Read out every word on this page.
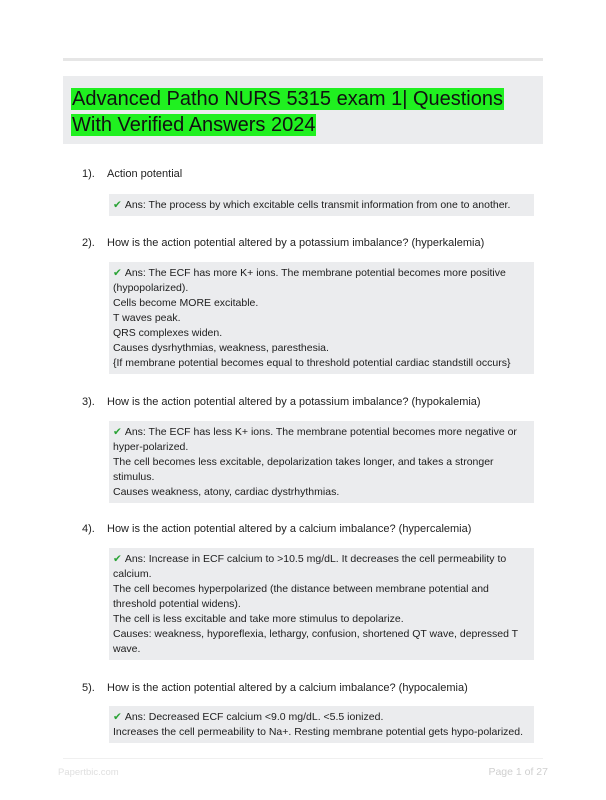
Advanced Patho NURS 5315 exam 1| Questions
With Verified Answers 2024
1). Action potential
✔ Ans: The process by which excitable cells transmit information from one to another.
2). How is the action potential altered by a potassium imbalance? (hyperkalemia)
✔ Ans: The ECF has more K+ ions. The membrane potential becomes more positive
(hypopolarized).
Cells become MORE excitable.
T waves peak.
QRS complexes widen.
Causes dysrhythmias, weakness, paresthesia.
{If membrane potential becomes equal to threshold potential cardiac standstill occurs}
3). How is the action potential altered by a potassium imbalance? (hypokalemia)
✔ Ans: The ECF has less K+ ions. The membrane potential becomes more negative or
hyper-polarized.
The cell becomes less excitable, depolarization takes longer, and takes a stronger
stimulus.
Causes weakness, atony, cardiac dystrhythmias.
4). How is the action potential altered by a calcium imbalance? (hypercalemia)
✔ Ans: Increase in ECF calcium to >10.5 mg/dL. It decreases the cell permeability to
calcium.
The cell becomes hyperpolarized (the distance between membrane potential and
threshold potential widens).
The cell is less excitable and take more stimulus to depolarize.
Causes: weakness, hyporeflexia, lethargy, confusion, shortened QT wave, depressed T
wave.
5). How is the action potential altered by a calcium imbalance? (hypocalemia)
✔ Ans: Decreased ECF calcium <9.0 mg/dL. <5.5 ionized.
Increases the cell permeability to Na+. Resting membrane potential gets hypo-polarized.
Papertbic.com	Page 1 of 27
